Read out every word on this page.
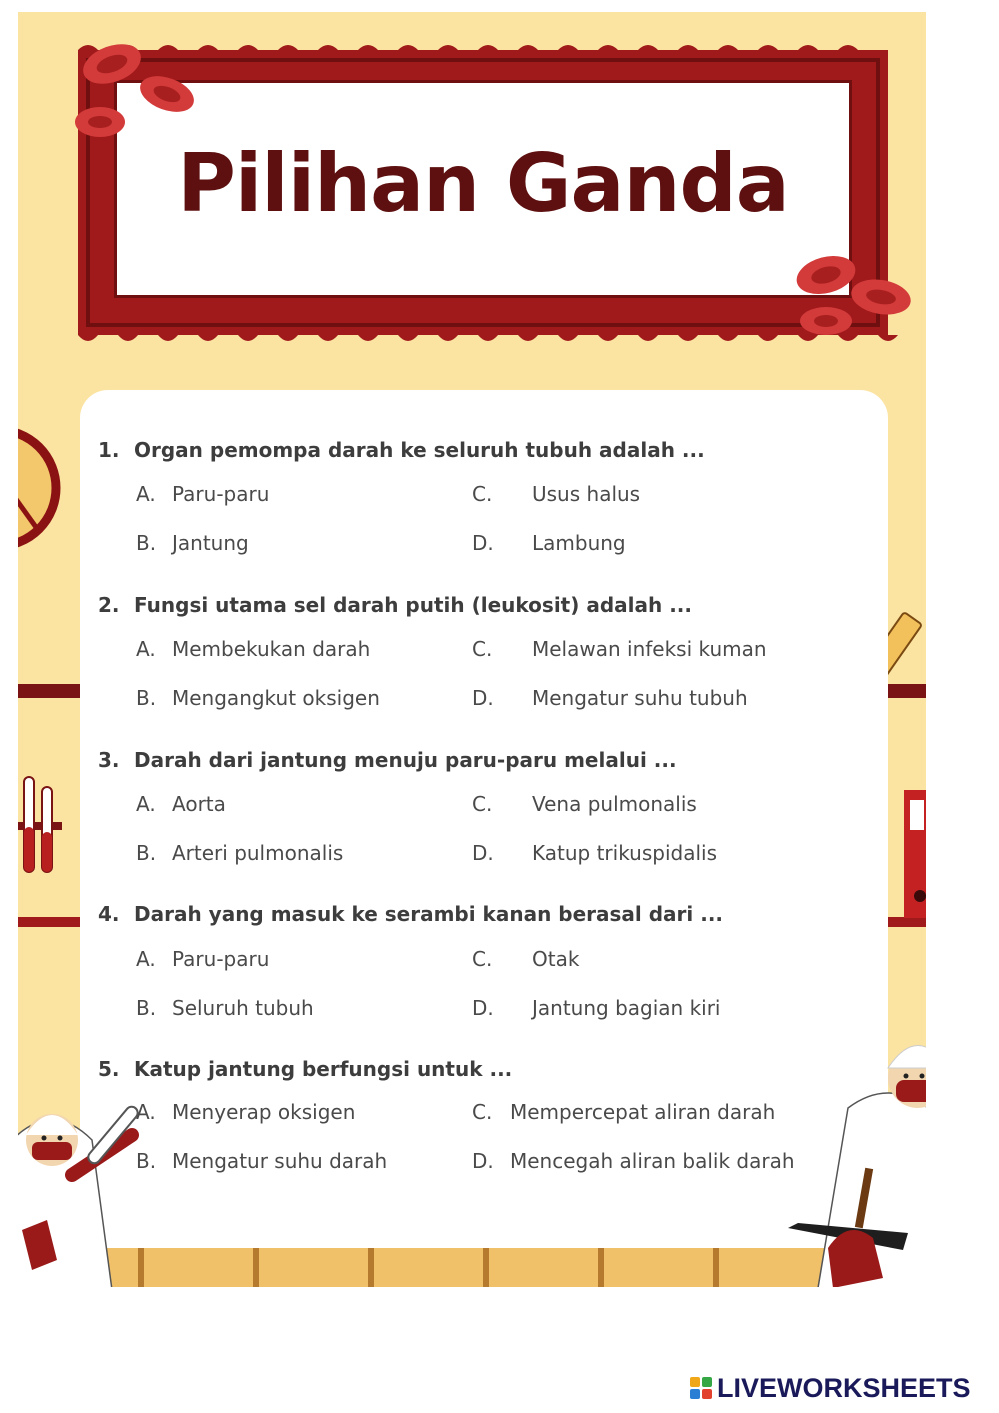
Pilihan Ganda
1. Organ pemompa darah ke seluruh tubuh adalah ...
A. Paru-paru
B. Jantung
C. Usus halus
D. Lambung
2. Fungsi utama sel darah putih (leukosit) adalah ...
A. Membekukan darah
B. Mengangkut oksigen
C. Melawan infeksi kuman
D. Mengatur suhu tubuh
3. Darah dari jantung menuju paru-paru melalui ...
A. Aorta
B. Arteri pulmonalis
C. Vena pulmonalis
D. Katup trikuspidalis
4. Darah yang masuk ke serambi kanan berasal dari ...
A. Paru-paru
B. Seluruh tubuh
C. Otak
D. Jantung bagian kiri
5. Katup jantung berfungsi untuk ...
A. Menyerap oksigen
B. Mengatur suhu darah
C. Mempercepat aliran darah
D. Mencegah aliran balik darah
LIVEWORKSHEETS
